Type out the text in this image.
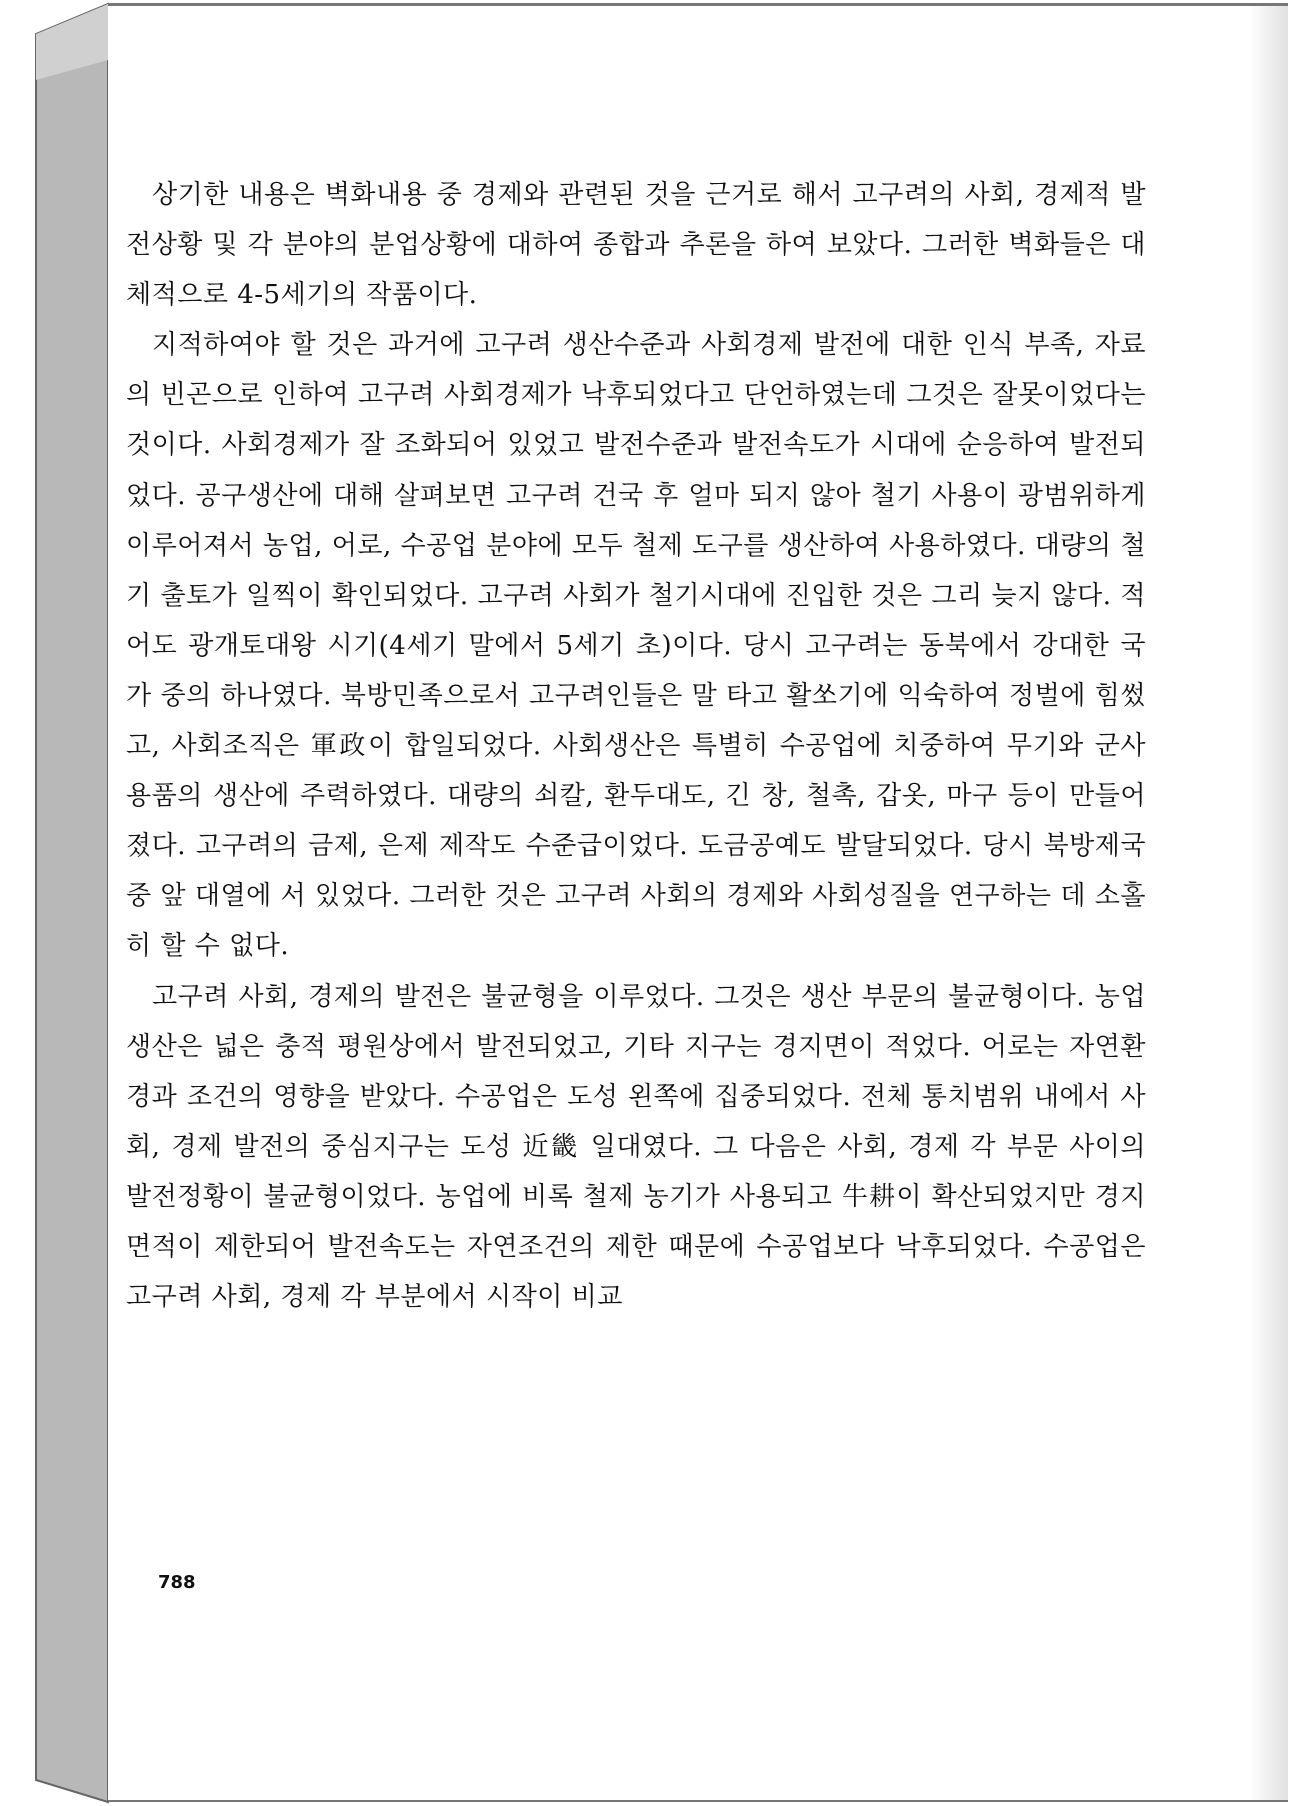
상기한 내용은 벽화내용 중 경제와 관련된 것을 근거로 해서 고구려의 사회, 경제적 발전상황 및 각 분야의 분업상황에 대하여 종합과 추론을 하여 보았다. 그러한 벽화들은 대체적으로 4-5세기의 작품이다.

지적하여야 할 것은 과거에 고구려 생산수준과 사회경제 발전에 대한 인식 부족, 자료의 빈곤으로 인하여 고구려 사회경제가 낙후되었다고 단언하였는데 그것은 잘못이었다는 것이다. 사회경제가 잘 조화되어 있었고 발전수준과 발전속도가 시대에 순응하여 발전되었다. 공구생산에 대해 살펴보면 고구려 건국 후 얼마 되지 않아 철기 사용이 광범위하게 이루어져서 농업, 어로, 수공업 분야에 모두 철제 도구를 생산하여 사용하였다. 대량의 철기 출토가 일찍이 확인되었다. 고구려 사회가 철기시대에 진입한 것은 그리 늦지 않다. 적어도 광개토대왕 시기(4세기 말에서 5세기 초)이다. 당시 고구려는 동북에서 강대한 국가 중의 하나였다. 북방민족으로서 고구려인들은 말 타고 활쏘기에 익숙하여 정벌에 힘썼고, 사회조직은 軍政이 합일되었다. 사회생산은 특별히 수공업에 치중하여 무기와 군사용품의 생산에 주력하였다. 대량의 쇠칼, 환두대도, 긴 창, 철촉, 갑옷, 마구 등이 만들어졌다. 고구려의 금제, 은제 제작도 수준급이었다. 도금공예도 발달되었다. 당시 북방제국 중 앞 대열에 서 있었다. 그러한 것은 고구려 사회의 경제와 사회성질을 연구하는 데 소홀히 할 수 없다.

고구려 사회, 경제의 발전은 불균형을 이루었다. 그것은 생산 부문의 불균형이다. 농업생산은 넓은 충적 평원상에서 발전되었고, 기타 지구는 경지면이 적었다. 어로는 자연환경과 조건의 영향을 받았다. 수공업은 도성 왼쪽에 집중되었다. 전체 통치범위 내에서 사회, 경제 발전의 중심지구는 도성 近畿 일대였다. 그 다음은 사회, 경제 각 부문 사이의 발전정황이 불균형이었다. 농업에 비록 철제 농기가 사용되고 牛耕이 확산되었지만 경지면적이 제한되어 발전속도는 자연조건의 제한 때문에 수공업보다 낙후되었다. 수공업은 고구려 사회, 경제 각 부분에서 시작이 비교

788
